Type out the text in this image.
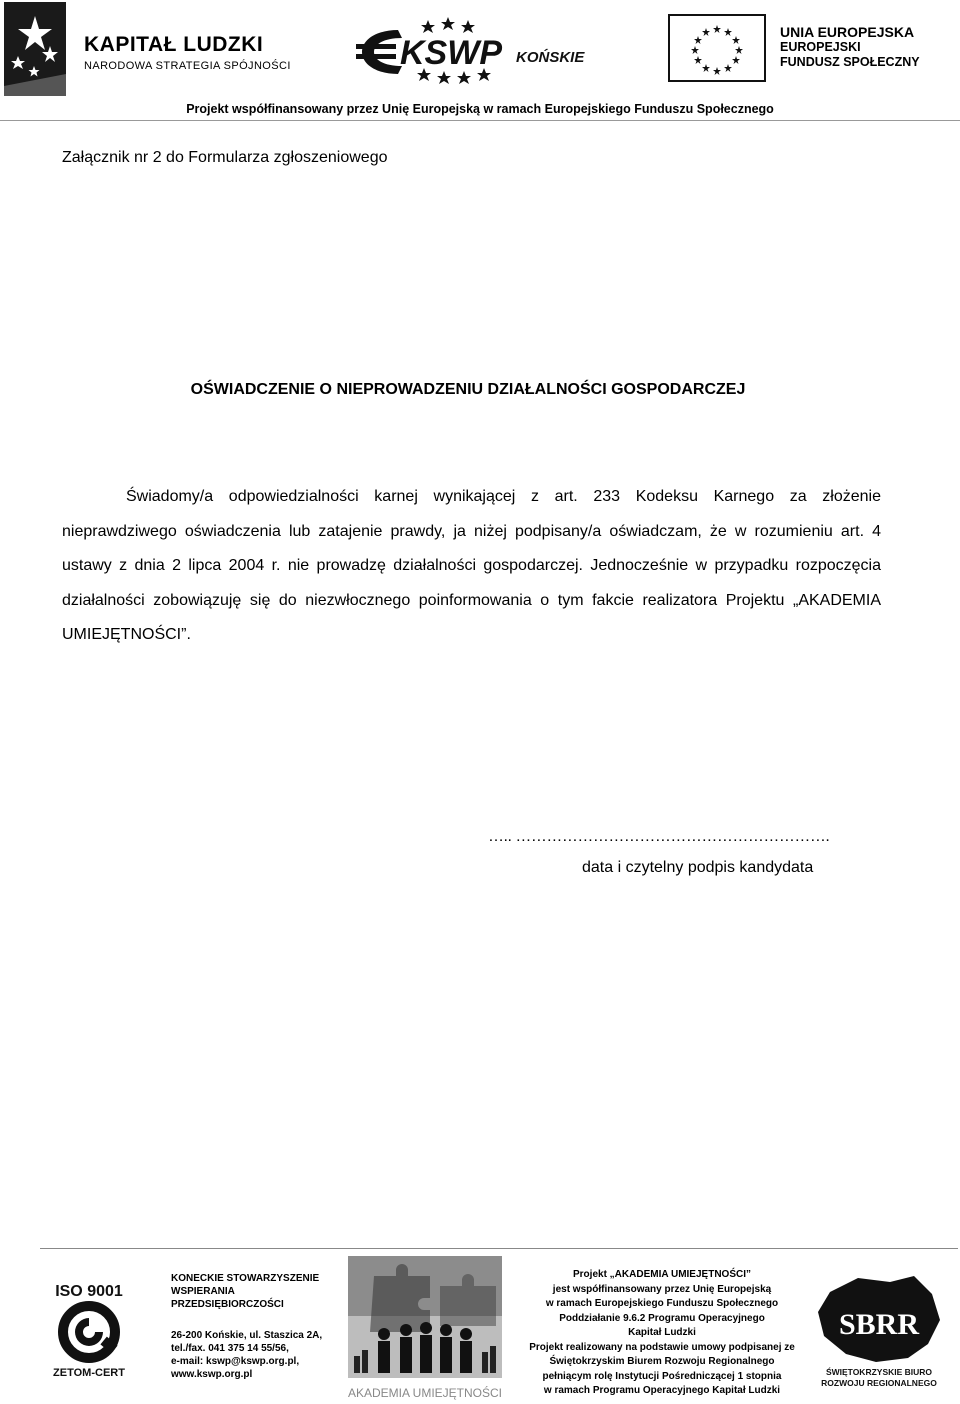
KAPITAŁ LUDZKI
NARODOWA STRATEGIA SPÓJNOŚCI	KSWP KOŃSKIE
UNIA EUROPEJSKA
EUROPEJSKI
FUNDUSZ SPOŁECZNY
Projekt współfinansowany przez Unię Europejską w ramach Europejskiego Funduszu Społecznego
Załącznik nr 2 do Formularza zgłoszeniowego
OŚWIADCZENIE O NIEPROWADZENIU DZIAŁALNOŚCI GOSPODARCZEJ

Świadomy/a odpowiedzialności karnej wynikającej z art. 233 Kodeksu Karnego za złożenie nieprawdziwego oświadczenia lub zatajenie prawdy, ja niżej podpisany/a oświadczam, że w rozumieniu art. 4 ustawy z dnia 2 lipca 2004 r. nie prowadzę działalności gospodarczej. Jednocześnie w przypadku rozpoczęcia działalności zobowiązuję się do niezwłocznego poinformowania o tym fakcie realizatora Projektu „AKADEMIA UMIEJĘTNOŚCI”.

….. …………………………………………………….
data i czytelny podpis kandydata
ISO 9001
ZETOM-CERT
KONECKIE STOWARZYSZENIE
WSPIERANIA
PRZEDSIĘBIORCZOŚCI
26-200 Końskie, ul. Staszica 2A,
tel./fax. 041 375 14 55/56,
e-mail: kswp@kswp.org.pl,
www.kswp.org.pl
AKADEMIA UMIEJĘTNOŚCI
Projekt „AKADEMIA UMIEJĘTNOŚCI”
jest współfinansowany przez Unię Europejską
w ramach Europejskiego Funduszu Społecznego
Poddziałanie 9.6.2 Programu Operacyjnego
Kapitał Ludzki
Projekt realizowany na podstawie umowy podpisanej ze
Świętokrzyskim Biurem Rozwoju Regionalnego
pełniącym rolę Instytucji Pośredniczącej 1 stopnia
w ramach Programu Operacyjnego Kapitał Ludzki
SBRR
ŚWIĘTOKRZYSKIE BIURO
ROZWOJU REGIONALNEGO
